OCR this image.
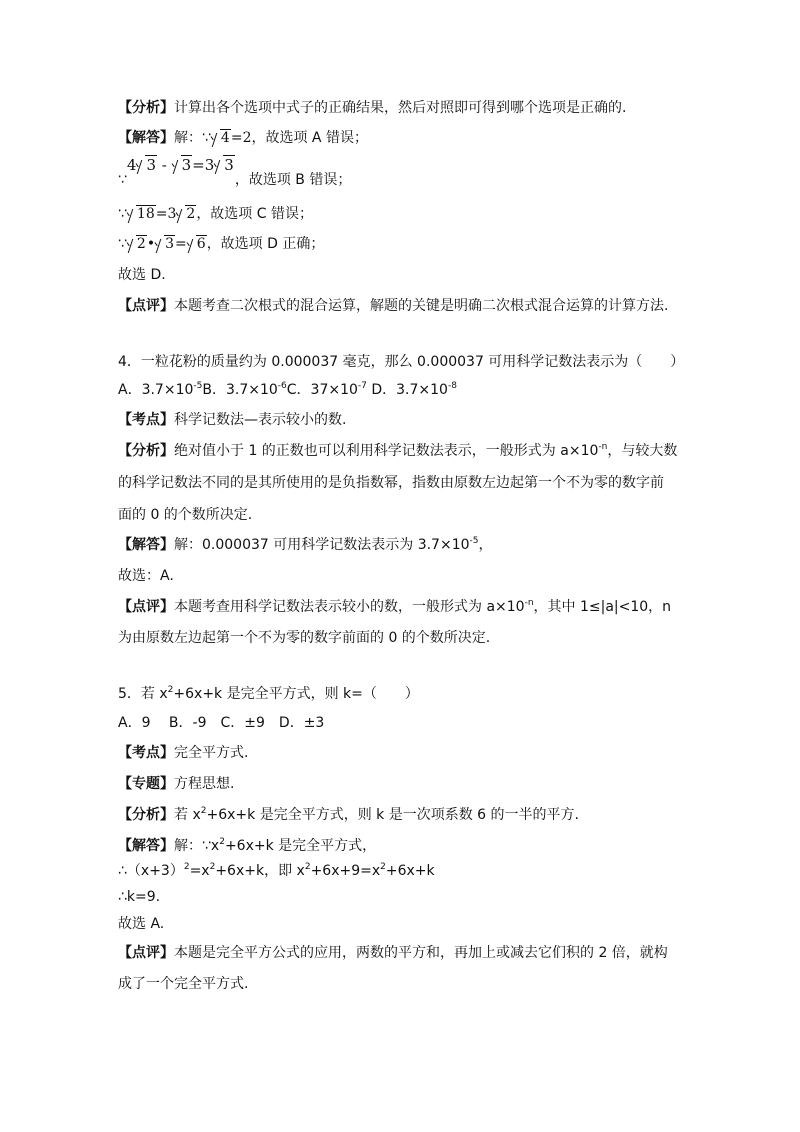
【分析】计算出各个选项中式子的正确结果，然后对照即可得到哪个选项是正确的.
【解答】解：∵ 4=2，故选项 A 错误；
∵4 3 - 3=3 3，故选项 B 错误；
∵ 18=3 2，故选项 C 错误；
∵ 2• 3= 6，故选项 D 正确；
故选 D.
【点评】本题考查二次根式的混合运算，解题的关键是明确二次根式混合运算的计算方法.
4．一粒花粉的质量约为 0.000037 毫克，那么 0.000037 可用科学记数法表示为（　　）
A．$3.7\times 10^{-5}B$．$3.7\times 10^{-6}C$．$37\times 10^{-7}$ D．$3.7\times 10^{-8}$
【考点】科学记数法—表示较小的数.
【分析】绝对值小于 1 的正数也可以利用科学记数法表示，一般形式为 $a\times 10^{-n}$，与较大数
的科学记数法不同的是其所使用的是负指数幂，指数由原数左边起第一个不为零的数字前
面的 0 的个数所决定.
【解答】解：0.000037 可用科学记数法表示为 $3.7\times 10^{-5}$，
故选：A.
【点评】本题考查用科学记数法表示较小的数，一般形式为 $a\times 10^{-n}$，其中 1≤|a|<10，n
为由原数左边起第一个不为零的数字前面的 0 的个数所决定.
5．若 $x^2+6x+k$ 是完全平方式，则 k=（　　）
A．9　 B．-9　C．±9　D．±3
【考点】完全平方式.
【专题】方程思想.
【分析】若 $x^2+6x+k$ 是完全平方式，则 k 是一次项系数 6 的一半的平方.
【解答】解：$\because x^2+6x+k$ 是完全平方式，
$\therefore(x+3)^2=x^2+6x+k$，即 $x^2+6x+9=x^2+6x+k$
∴k=9.
故选 A.
【点评】本题是完全平方公式的应用，两数的平方和，再加上或减去它们积的 2 倍，就构
成了一个完全平方式.
